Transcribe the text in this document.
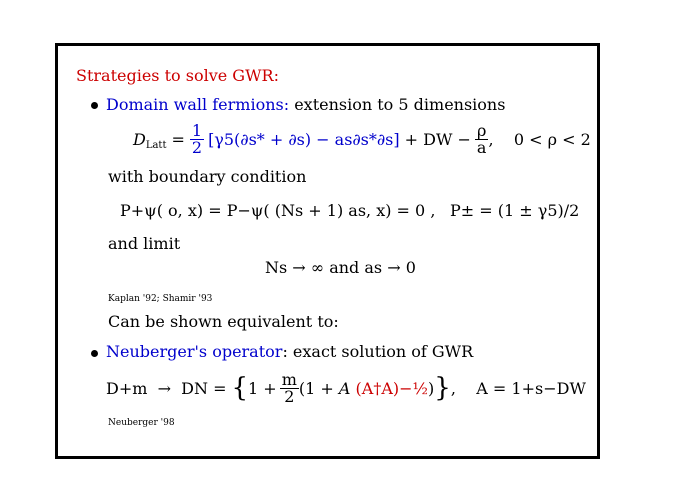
Strategies to solve GWR:
Domain wall fermions: extension to 5 dimensions
$D_{Latt} = \frac{1}{2} [\gamma 5(\partial s* + \partial s) - as\partial s*\partial s]$ + DW − $\frac{\rho}{a}$ ,    0 < ρ < 2
with boundary condition
P+ψ( o, x) = P−ψ( (Ns + 1) as, x) = 0 , P± = (1 ± γ5)/2
and limit
Ns → ∞ and as → 0
Kaplan '92; Shamir '93
Can be shown equivalent to:
Neuberger's operator: exact solution of GWR
D+m  →  DN = { $1 + \frac{m}{2} (1 + A$ (A†A)−½ ) } ,    A = 1+s−DW
Neuberger '98
